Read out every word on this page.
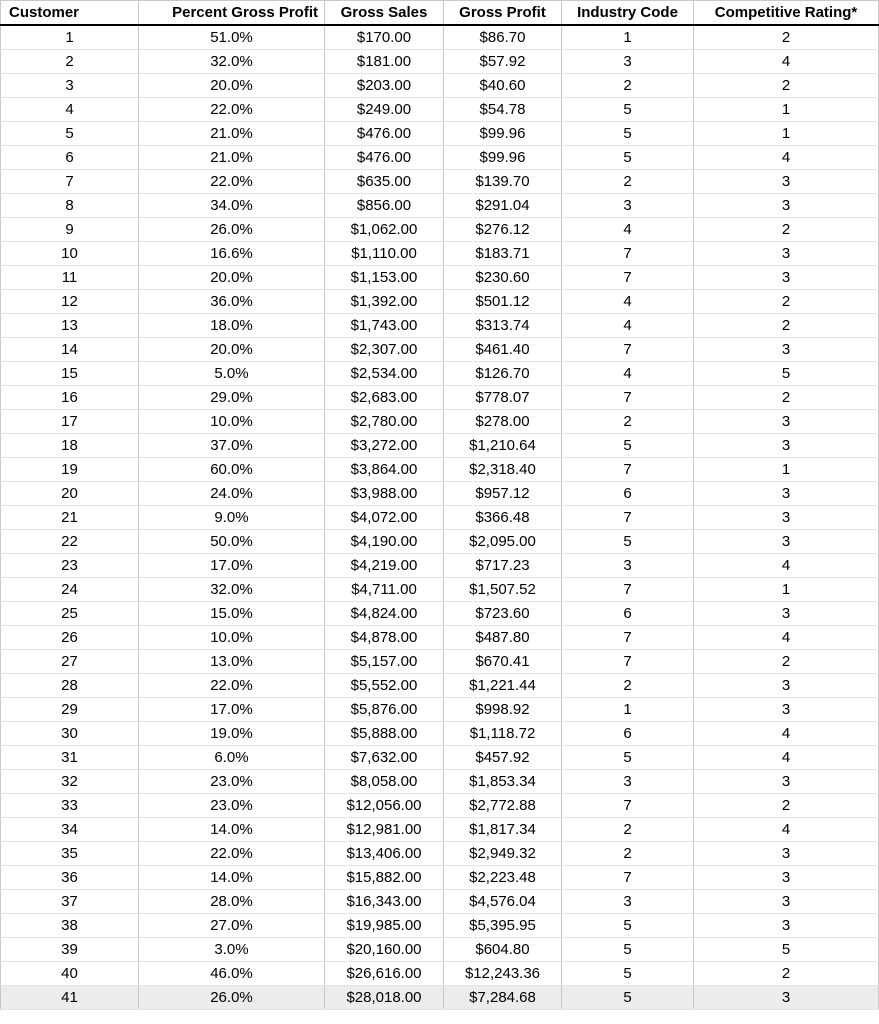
Customer	Percent Gross Profit	Gross Sales	Gross Profit	Industry Code	Competitive Rating*
1	51.0%	$170.00	$86.70	1	2
2	32.0%	$181.00	$57.92	3	4
3	20.0%	$203.00	$40.60	2	2
4	22.0%	$249.00	$54.78	5	1
5	21.0%	$476.00	$99.96	5	1
6	21.0%	$476.00	$99.96	5	4
7	22.0%	$635.00	$139.70	2	3
8	34.0%	$856.00	$291.04	3	3
9	26.0%	$1,062.00	$276.12	4	2
10	16.6%	$1,110.00	$183.71	7	3
11	20.0%	$1,153.00	$230.60	7	3
12	36.0%	$1,392.00	$501.12	4	2
13	18.0%	$1,743.00	$313.74	4	2
14	20.0%	$2,307.00	$461.40	7	3
15	5.0%	$2,534.00	$126.70	4	5
16	29.0%	$2,683.00	$778.07	7	2
17	10.0%	$2,780.00	$278.00	2	3
18	37.0%	$3,272.00	$1,210.64	5	3
19	60.0%	$3,864.00	$2,318.40	7	1
20	24.0%	$3,988.00	$957.12	6	3
21	9.0%	$4,072.00	$366.48	7	3
22	50.0%	$4,190.00	$2,095.00	5	3
23	17.0%	$4,219.00	$717.23	3	4
24	32.0%	$4,711.00	$1,507.52	7	1
25	15.0%	$4,824.00	$723.60	6	3
26	10.0%	$4,878.00	$487.80	7	4
27	13.0%	$5,157.00	$670.41	7	2
28	22.0%	$5,552.00	$1,221.44	2	3
29	17.0%	$5,876.00	$998.92	1	3
30	19.0%	$5,888.00	$1,118.72	6	4
31	6.0%	$7,632.00	$457.92	5	4
32	23.0%	$8,058.00	$1,853.34	3	3
33	23.0%	$12,056.00	$2,772.88	7	2
34	14.0%	$12,981.00	$1,817.34	2	4
35	22.0%	$13,406.00	$2,949.32	2	3
36	14.0%	$15,882.00	$2,223.48	7	3
37	28.0%	$16,343.00	$4,576.04	3	3
38	27.0%	$19,985.00	$5,395.95	5	3
39	3.0%	$20,160.00	$604.80	5	5
40	46.0%	$26,616.00	$12,243.36	5	2
41	26.0%	$28,018.00	$7,284.68	5	3
